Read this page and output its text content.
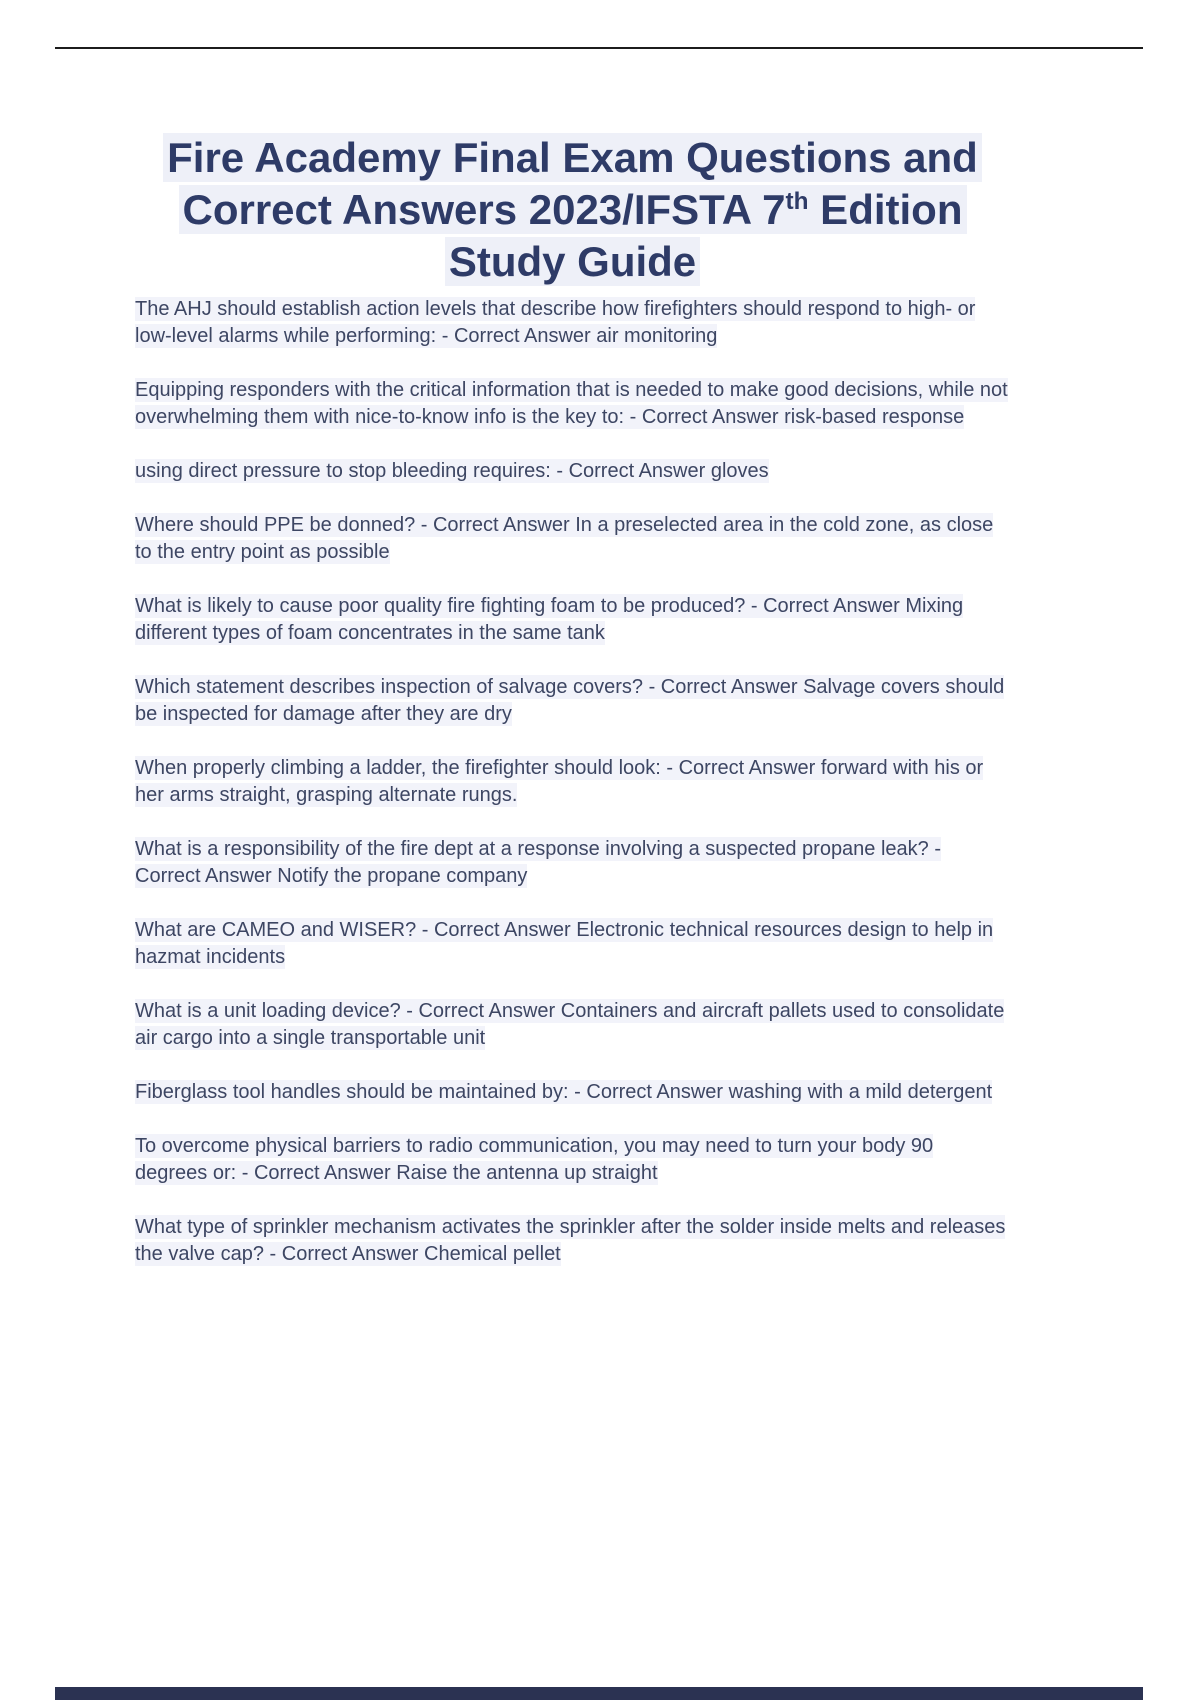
Fire Academy Final Exam Questions and
Correct Answers 2023/IFSTA 7th Edition
Study Guide

The AHJ should establish action levels that describe how firefighters should respond to high- or low-level alarms while performing: - Correct Answer air monitoring

Equipping responders with the critical information that is needed to make good decisions, while not overwhelming them with nice-to-know info is the key to: - Correct Answer risk-based response

using direct pressure to stop bleeding requires: - Correct Answer gloves

Where should PPE be donned? - Correct Answer In a preselected area in the cold zone, as close to the entry point as possible

What is likely to cause poor quality fire fighting foam to be produced? - Correct Answer Mixing different types of foam concentrates in the same tank

Which statement describes inspection of salvage covers? - Correct Answer Salvage covers should be inspected for damage after they are dry

When properly climbing a ladder, the firefighter should look: - Correct Answer forward with his or her arms straight, grasping alternate rungs.

What is a responsibility of the fire dept at a response involving a suspected propane leak? - Correct Answer Notify the propane company

What are CAMEO and WISER? - Correct Answer Electronic technical resources design to help in hazmat incidents

What is a unit loading device? - Correct Answer Containers and aircraft pallets used to consolidate air cargo into a single transportable unit

Fiberglass tool handles should be maintained by: - Correct Answer washing with a mild detergent

To overcome physical barriers to radio communication, you may need to turn your body 90 degrees or: - Correct Answer Raise the antenna up straight

What type of sprinkler mechanism activates the sprinkler after the solder inside melts and releases the valve cap? - Correct Answer Chemical pellet
